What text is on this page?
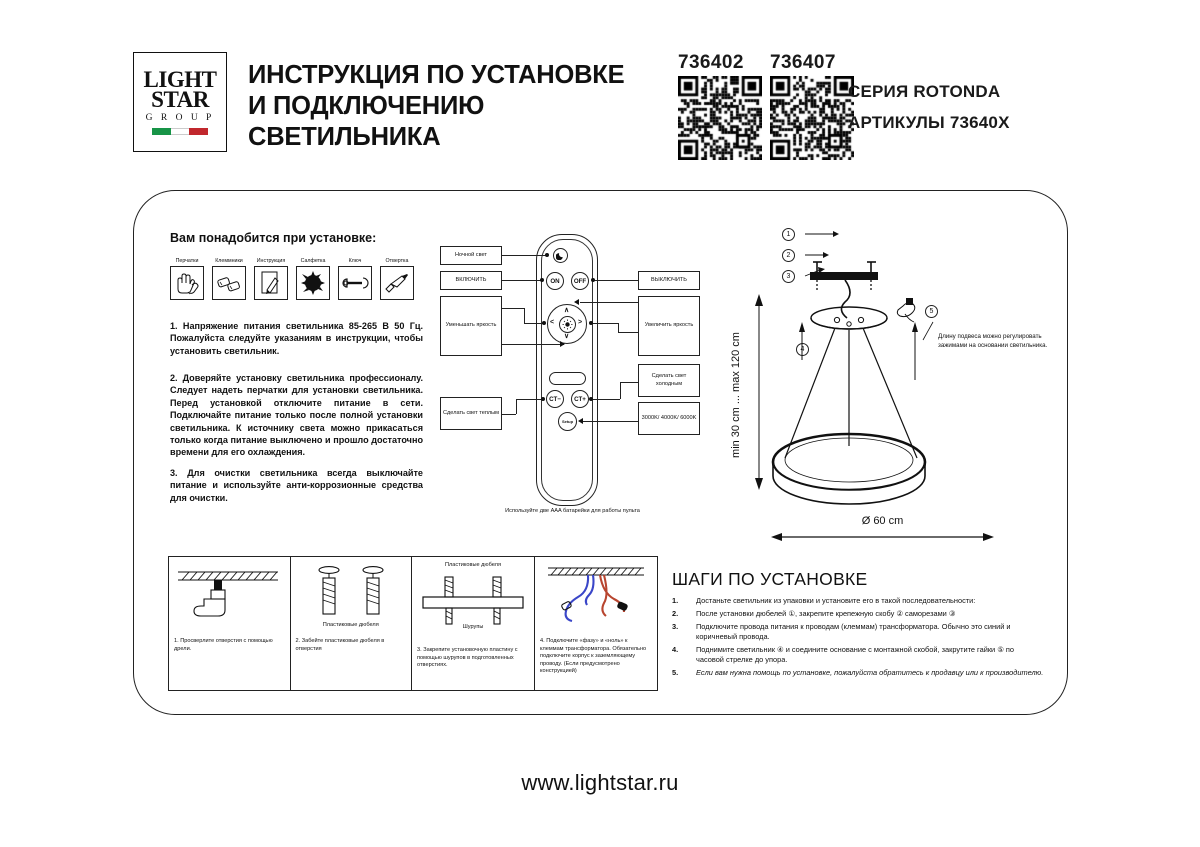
LIGHT
STAR
G R O U P
ИНСТРУКЦИЯ ПО УСТАНОВКЕ И ПОДКЛЮЧЕНИЮ СВЕТИЛЬНИКА
736402	736407
СЕРИЯ ROTONDA
АРТИКУЛЫ 73640X
Вам понадобится при установке:
Перчатки	Клеммники	Инструкция	Салфетка	Ключ	Отвертка
1. Напряжение питания светильника 85-265 В 50 Гц. Пожалуйста следуйте указаниям в инструкции, чтобы установить светильник.
2. Доверяйте установку светильника профессионалу. Следует надеть перчатки для установки светильника. Перед установкой отключите питание в сети. Подключайте питание только после полной установки светильника. К источнику света можно прикасаться только когда питание выключено и прошло достаточно времени для его охлаждения.
3. Для очистки светильника всегда выключайте питание и используйте анти-коррозионные средства для очистки.
Ночной свет
ON
ВКЛЮЧИТЬ	OFF	ВЫКЛЮЧИТЬ
∧
∨
<	>
Уменьшать яркость	Увеличить яркость
CT−
Сделать свет теплым
CT+
Сделать свет холодным
Setup
3000K/ 4000K/ 6000K
Используйте две AAA батарейки для работы пульта
1
2
3
4
5
min 30 cm ... max 120 cm
Ø 60 cm
Длину подвеса можно регулировать зажимами на основании светильника.
1. Просверлите отверстия с помощью дрели.
Пластиковые дюбеля
2. Забейте пластиковые дюбеля в отверстия
Пластиковые дюбеля
Шурупы
3. Закрепите установочную пластину с помощью шурупов в подготовленных отверстиях.
4. Подключите «фазу» и «ноль» к клеммам трансформатора. Обязательно подключите корпус к заземляющему проводу. (Если предусмотрено конструкцией)
ШАГИ ПО УСТАНОВКЕ
1.	Достаньте светильник из упаковки и установите его в такой последовательности:
2.	После установки дюбелей ①, закрепите крепежную скобу ② саморезами ③
3.	Подключите провода питания к проводам (клеммам) трансформатора. Обычно это синий и коричневый провода.
4.	Поднимите светильник ④ и соедините основание с монтажной скобой, закрутите гайки ⑤ по часовой стрелке до упора.
5.	Если вам нужна помощь по установке, пожалуйста обратитесь к продавцу или к производителю.
www.lightstar.ru
